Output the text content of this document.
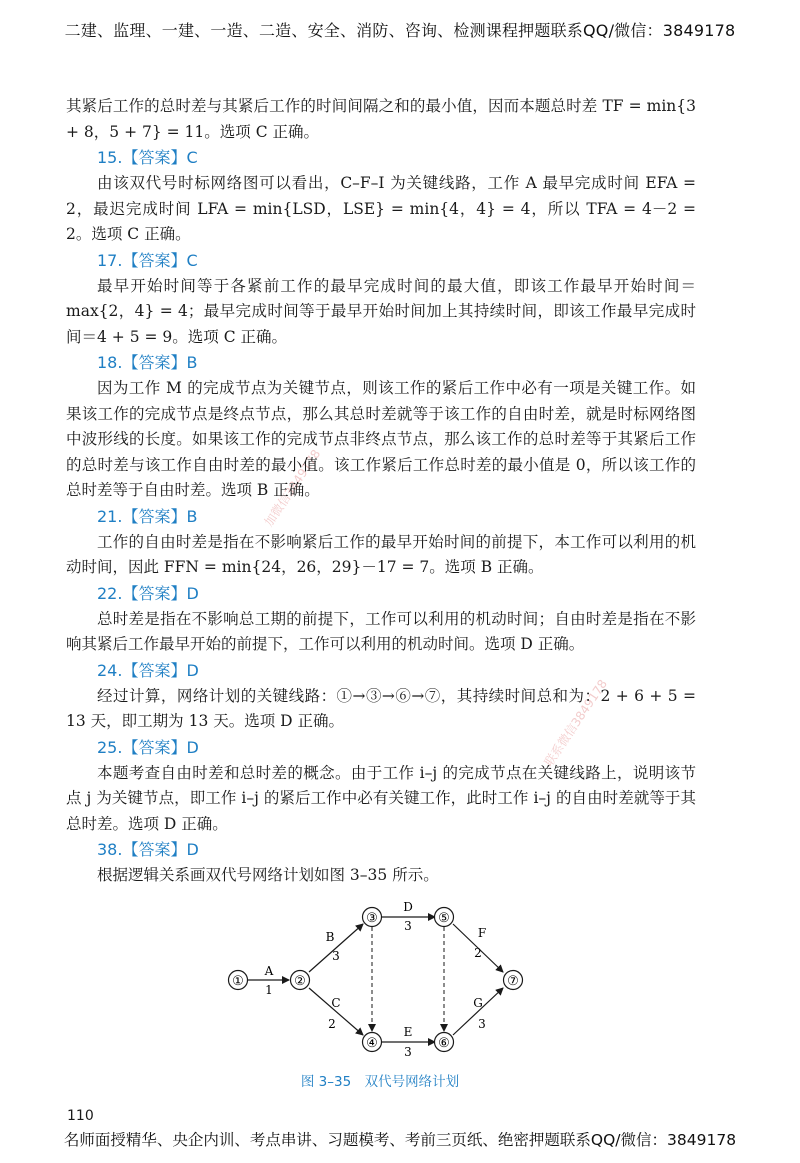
二建、监理、一建、一造、二造、安全、消防、咨询、检测课程押题联系QQ/微信：3849178
加微信3849178
联系微信3849178

其紧后工作的总时差与其紧后工作的时间间隔之和的最小值，因而本题总时差 TF = min{3 + 8，5 + 7} = 11。选项 C 正确。

15.【答案】C

由该双代号时标网络图可以看出，C–F–I 为关键线路，工作 A 最早完成时间 EFA = 2，最迟完成时间 LFA = min{LSD，LSE} = min{4，4} = 4，所以 TFA = 4－2 = 2。选项 C 正确。

17.【答案】C

最早开始时间等于各紧前工作的最早完成时间的最大值，即该工作最早开始时间＝max{2，4} = 4；最早完成时间等于最早开始时间加上其持续时间，即该工作最早完成时间＝4 + 5 = 9。选项 C 正确。

18.【答案】B

因为工作 M 的完成节点为关键节点，则该工作的紧后工作中必有一项是关键工作。如果该工作的完成节点是终点节点，那么其总时差就等于该工作的自由时差，就是时标网络图中波形线的长度。如果该工作的完成节点非终点节点，那么该工作的总时差等于其紧后工作的总时差与该工作自由时差的最小值。该工作紧后工作总时差的最小值是 0，所以该工作的总时差等于自由时差。选项 B 正确。

21.【答案】B

工作的自由时差是指在不影响紧后工作的最早开始时间的前提下，本工作可以利用的机动时间，因此 FFN = min{24，26，29}－17 = 7。选项 B 正确。

22.【答案】D

总时差是指在不影响总工期的前提下，工作可以利用的机动时间；自由时差是指在不影响其紧后工作最早开始的前提下，工作可以利用的机动时间。选项 D 正确。

24.【答案】D

经过计算，网络计划的关键线路：①→③→⑥→⑦，其持续时间总和为：2 + 6 + 5 = 13 天，即工期为 13 天。选项 D 正确。

25.【答案】D

本题考查自由时差和总时差的概念。由于工作 i–j 的完成节点在关键线路上，说明该节点 j 为关键节点，即工作 i–j 的紧后工作中必有关键工作，此时工作 i–j 的自由时差就等于其总时差。选项 D 正确。

38.【答案】D

根据逻辑关系画双代号网络计划如图 3–35 所示。

①	②
③
④
⑤
⑥
⑦
A
1
B
3
C
2
D
3
E
3
F
2
G
3
图 3–35　双代号网络计划
110
名师面授精华、央企内训、考点串讲、习题模考、考前三页纸、绝密押题联系QQ/微信：3849178
